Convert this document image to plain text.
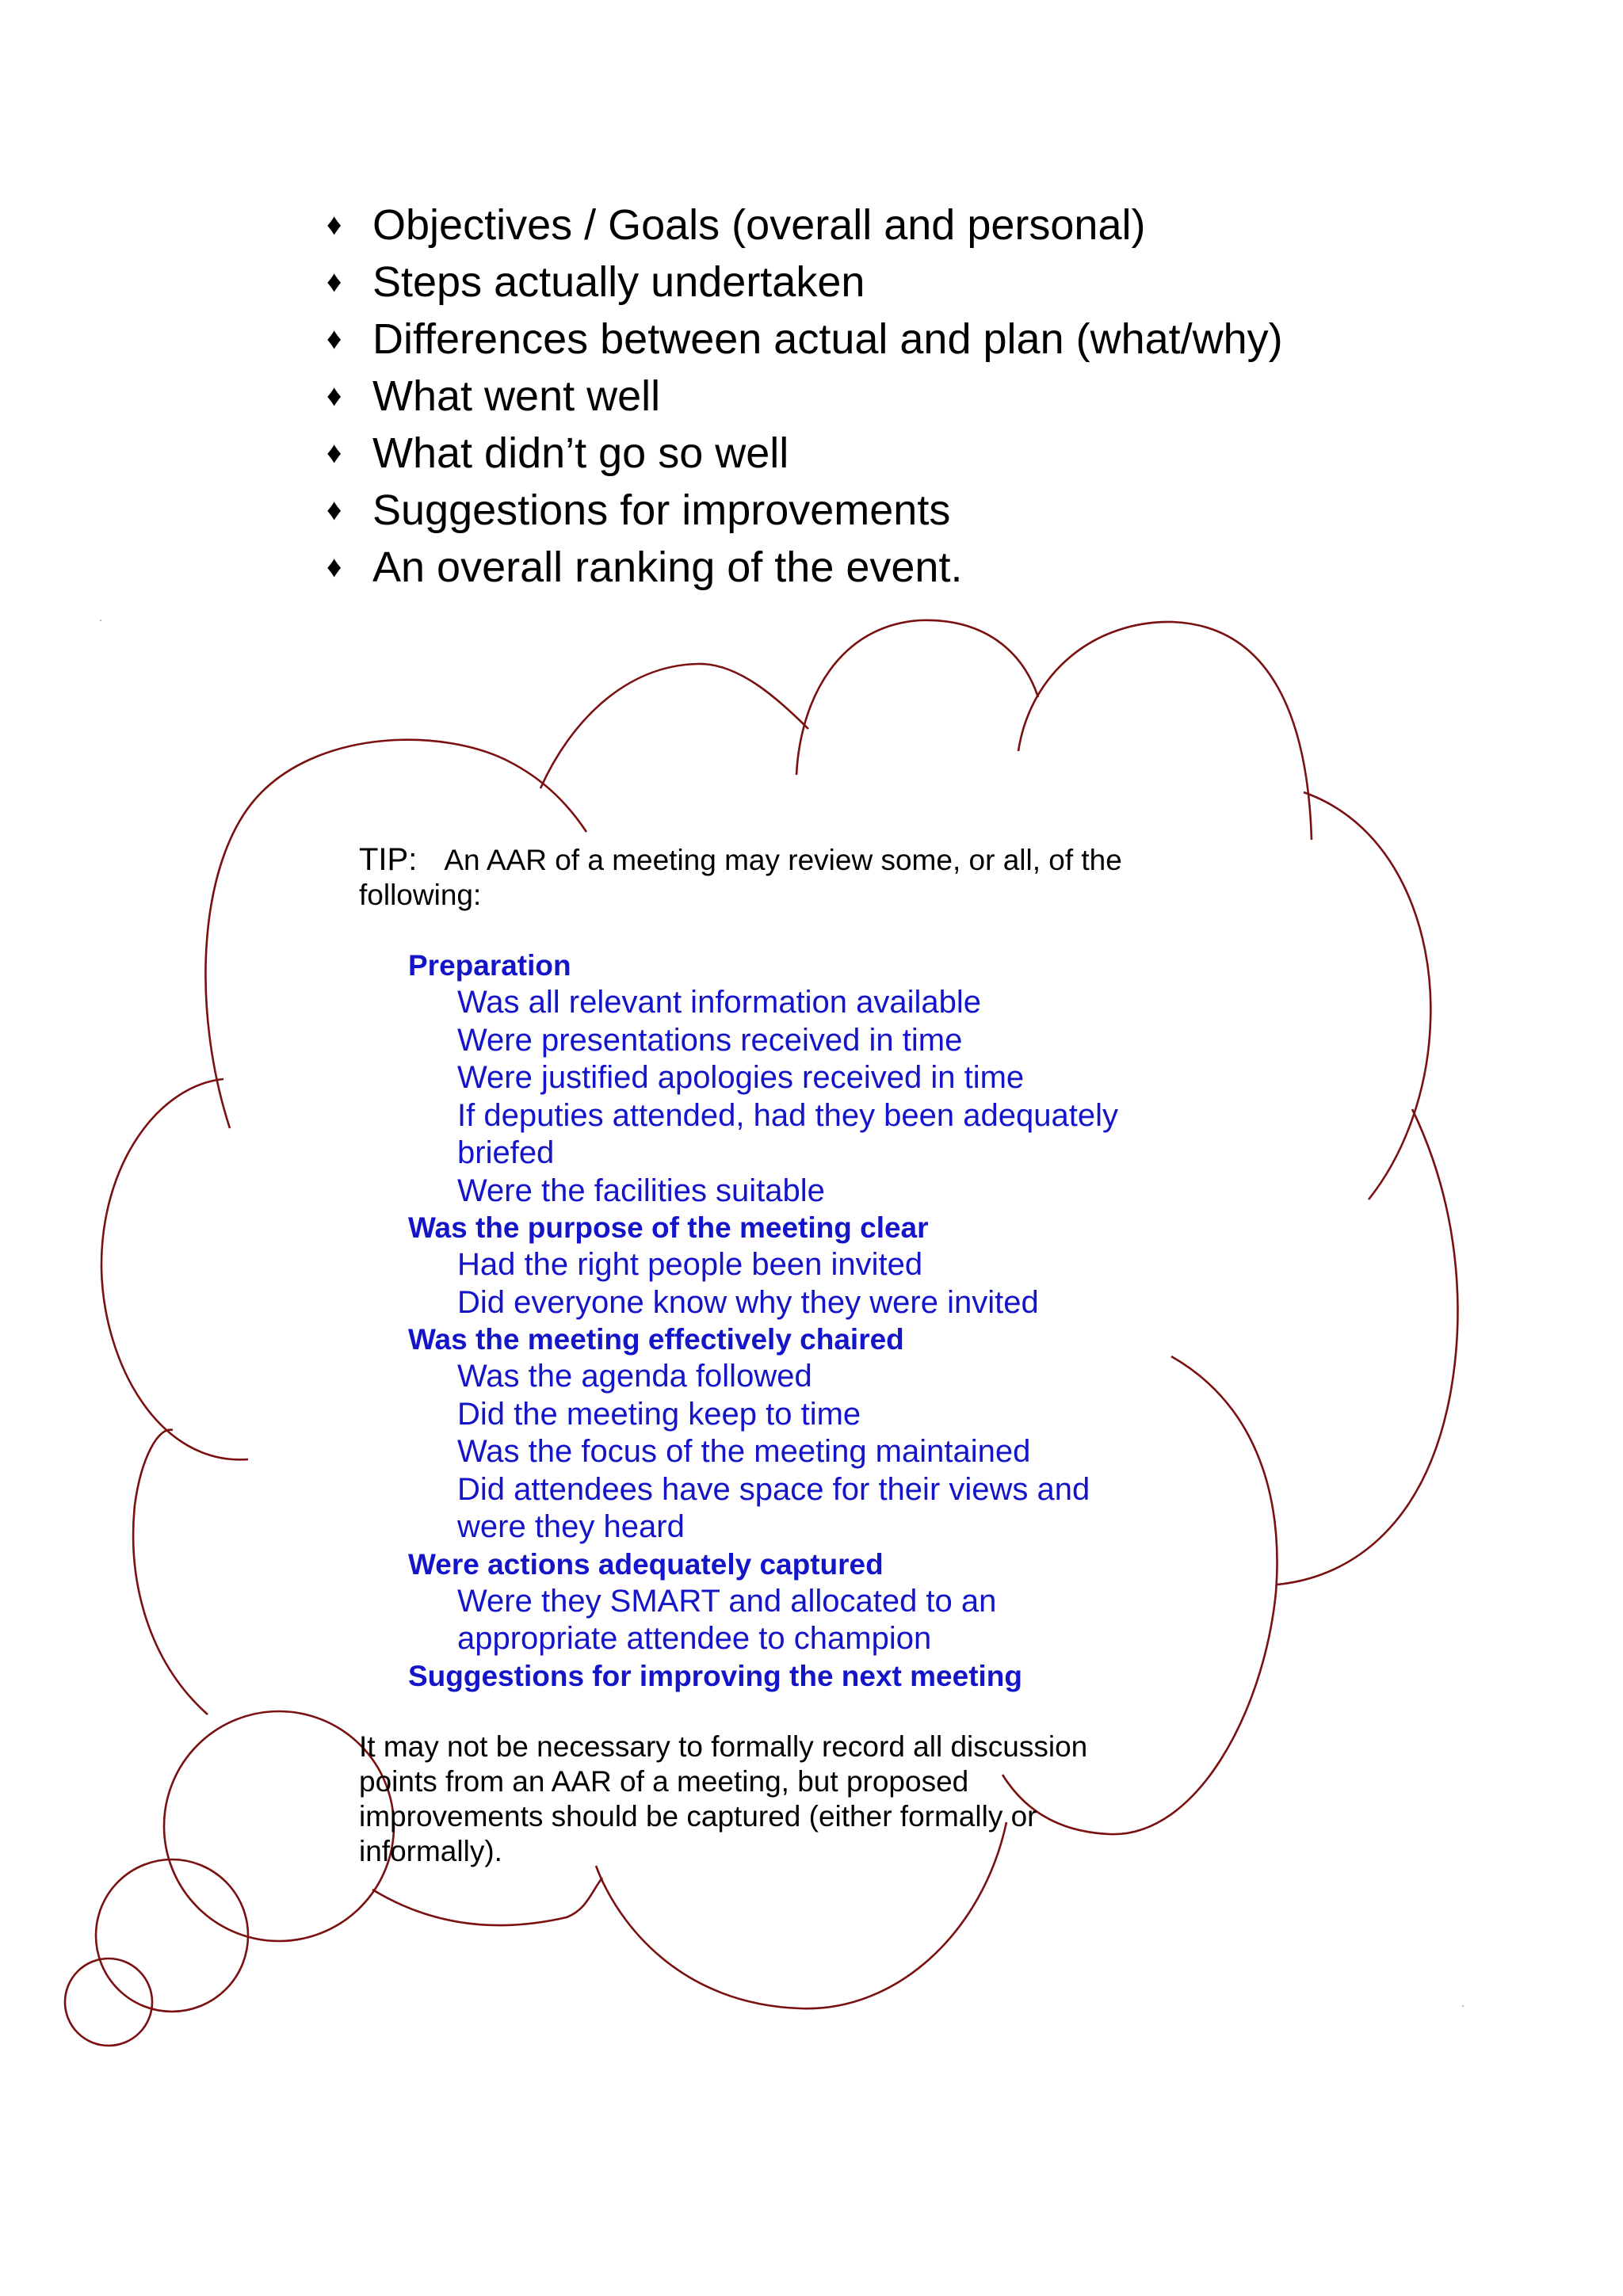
♦ Objectives / Goals (overall and personal)
♦ Steps actually undertaken
♦ Differences between actual and plan (what/why)
♦ What went well
♦ What didn’t go so well
♦ Suggestions for improvements
♦ An overall ranking of the event.

TIP: An AAR of a meeting may review some, or all, of the following:

Preparation

Was all relevant information available

Were presentations received in time

Were justified apologies received in time

If deputies attended, had they been adequately briefed

Were the facilities suitable

Was the purpose of the meeting clear

Had the right people been invited

Did everyone know why they were invited

Was the meeting effectively chaired

Was the agenda followed

Did the meeting keep to time

Was the focus of the meeting maintained

Did attendees have space for their views and were they heard

Were actions adequately captured

Were they SMART and allocated to an appropriate attendee to champion

Suggestions for improving the next meeting

It may not be necessary to formally record all discussion points from an AAR of a meeting, but proposed improvements should be captured (either formally or informally).
